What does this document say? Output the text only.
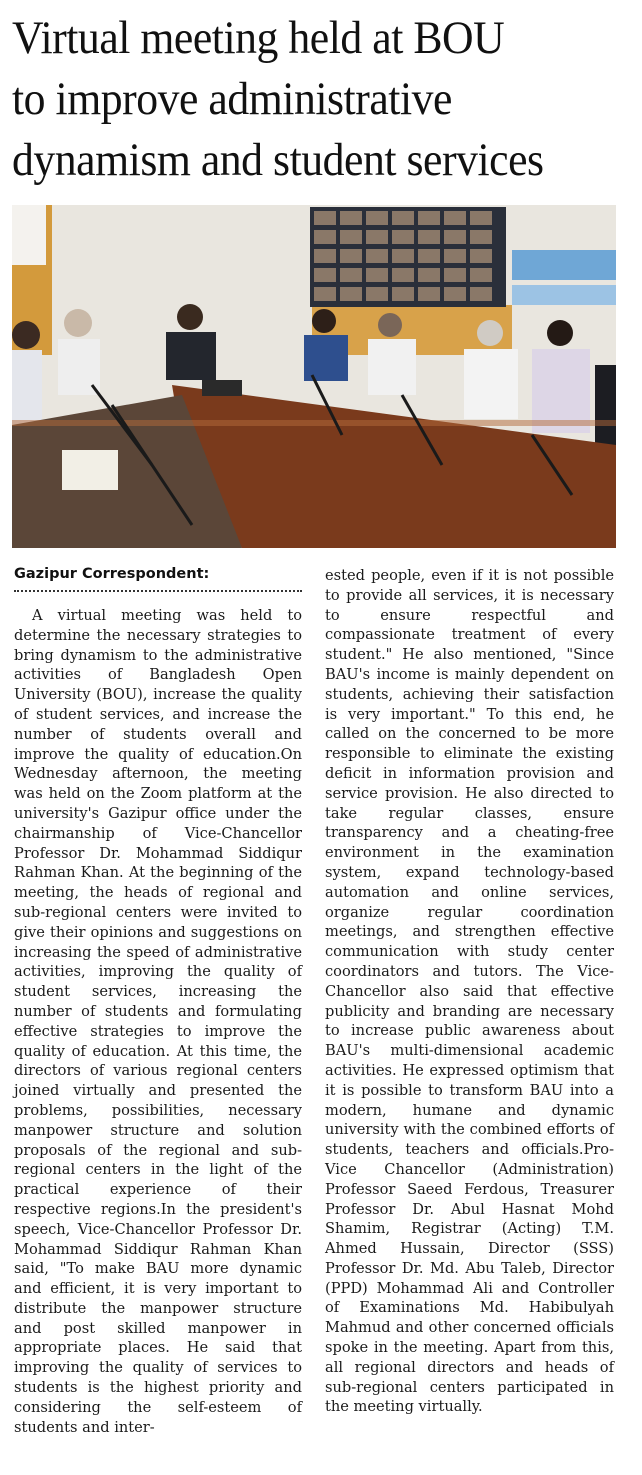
Virtual meeting held at BOU
to improve administrative
dynamism and student services
Gazipur Correspondent:

A virtual meeting was held to determine the necessary strategies to bring dynamism to the administrative activities of Bangladesh Open University (BOU), increase the quality of student services, and increase the number of students overall and improve the quality of education.On Wednesday afternoon, the meeting was held on the Zoom platform at the university's Gazipur office under the chairmanship of Vice-Chancellor Professor Dr. Mohammad Siddiqur Rahman Khan. At the beginning of the meeting, the heads of regional and sub-regional centers were invited to give their opinions and suggestions on increasing the speed of administrative activities, improving the quality of student services, increasing the number of students and formulating effective strategies to improve the quality of education. At this time, the directors of various regional centers joined virtually and presented the problems, possibilities, necessary manpower structure and solution proposals of the regional and sub-regional centers in the light of the practical experience of their respective regions.In the president's speech, Vice-Chancellor Professor Dr. Mohammad Siddiqur Rahman Khan said, "To make BAU more dynamic and efficient, it is very important to distribute the manpower structure and post skilled manpower in appropriate places. He said that improving the quality of services to students is the highest priority and considering the self-esteem of students and inter-

ested people, even if it is not possible to provide all services, it is necessary to ensure respectful and compassionate treatment of every student." He also mentioned, "Since BAU's income is mainly dependent on students, achieving their satisfaction is very important." To this end, he called on the concerned to be more responsible to eliminate the existing deficit in information provision and service provision. He also directed to take regular classes, ensure transparency and a cheating-free environment in the examination system, expand technology-based automation and online services, organize regular coordination meetings, and strengthen effective communication with study center coordinators and tutors. The Vice-Chancellor also said that effective publicity and branding are necessary to increase public awareness about BAU's multi-dimensional academic activities. He expressed optimism that it is possible to transform BAU into a modern, humane and dynamic university with the combined efforts of students, teachers and officials.Pro-Vice Chancellor (Administration) Professor Saeed Ferdous, Treasurer Professor Dr. Abul Hasnat Mohd Shamim, Registrar (Acting) T.M. Ahmed Hussain, Director (SSS) Professor Dr. Md. Abu Taleb, Director (PPD) Mohammad Ali and Controller of Examinations Md. Habibulyah Mahmud and other concerned officials spoke in the meeting. Apart from this, all regional directors and heads of sub-regional centers participated in the meeting virtually.
